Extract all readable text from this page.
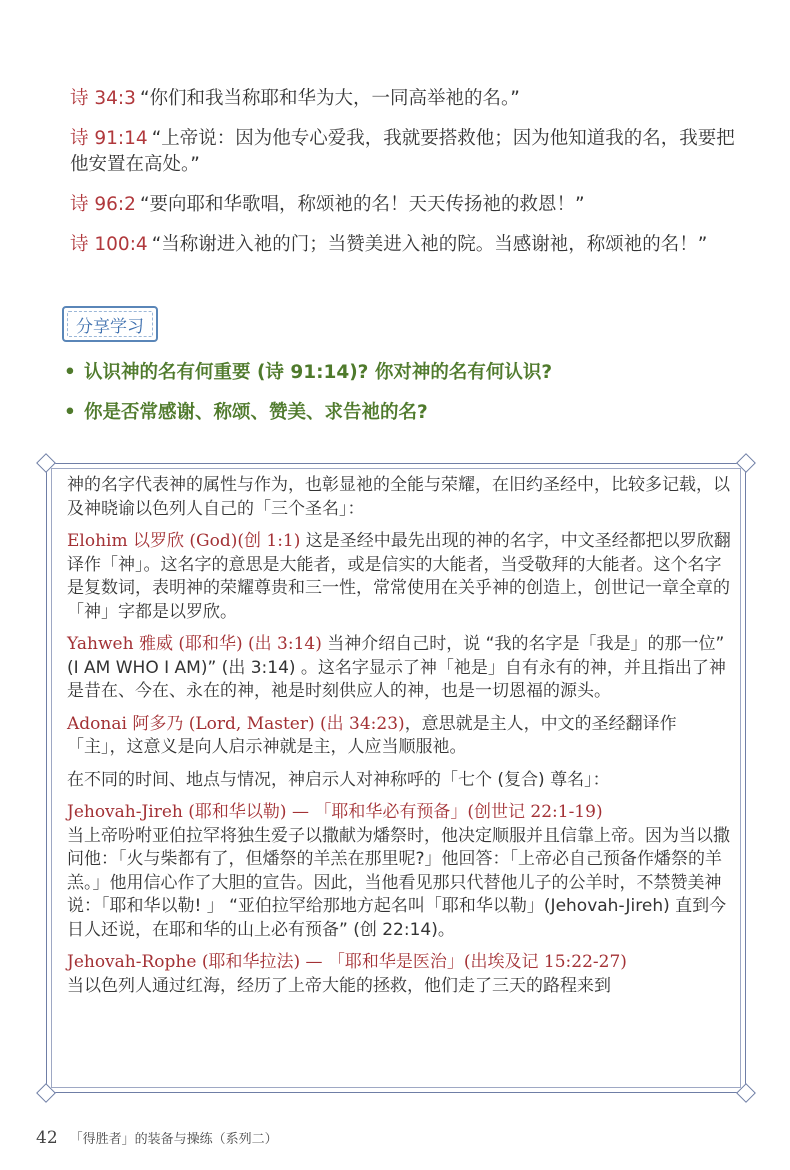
诗 34:3 “你们和我当称耶和华为大，一同高举祂的名。”
诗 91:14 “上帝说：因为他专心爱我，我就要搭救他；因为他知道我的名，我要把他安置在高处。”
诗 96:2 “要向耶和华歌唱，称颂祂的名！天天传扬祂的救恩！”
诗 100:4 “当称谢进入祂的门；当赞美进入祂的院。当感谢祂，称颂祂的名！”
分享学习
• 认识神的名有何重要 (诗 91:14)? 你对神的名有何认识?
• 你是否常感谢、称颂、赞美、求告祂的名?

神的名字代表神的属性与作为，也彰显祂的全能与荣耀，在旧约圣经中，比较多记载，以及神晓谕以色列人自己的「三个圣名」：

Elohim 以罗欣 (God)(创 1:1) 这是圣经中最先出现的神的名字，中文圣经都把以罗欣翻译作「神」。这名字的意思是大能者，或是信实的大能者，当受敬拜的大能者。这个名字是复数词，表明神的荣耀尊贵和三一性，常常使用在关乎神的创造上，创世记一章全章的「神」字都是以罗欣。

Yahweh 雅威 (耶和华) (出 3:14) 当神介绍自己时，说 “我的名字是「我是」的那一位” (I AM WHO I AM)” (出 3:14) 。这名字显示了神「祂是」自有永有的神，并且指出了神是昔在、今在、永在的神，祂是时刻供应人的神，也是一切恩福的源头。

Adonai 阿多乃 (Lord, Master) (出 34:23)，意思就是主人，中文的圣经翻译作「主」，这意义是向人启示神就是主，人应当顺服祂。

在不同的时间、地点与情况，神启示人对神称呼的「七个 (复合) 尊名」：

Jehovah-Jireh (耶和华以勒) — 「耶和华必有预备」(创世记 22:1-19)
当上帝吩咐亚伯拉罕将独生爱子以撒献为燔祭时，他决定顺服并且信靠上帝。因为当以撒问他：「火与柴都有了，但燔祭的羊羔在那里呢?」他回答：「上帝必自己预备作燔祭的羊羔。」他用信心作了大胆的宣告。因此，当他看见那只代替他儿子的公羊时，不禁赞美神说：「耶和华以勒! 」 “亚伯拉罕给那地方起名叫「耶和华以勒」(Jehovah-Jireh) 直到今日人还说，在耶和华的山上必有预备” (创 22:14)。

Jehovah-Rophe (耶和华拉法) — 「耶和华是医治」(出埃及记 15:22-27)
当以色列人通过红海，经历了上帝大能的拯救，他们走了三天的路程来到

42 「得胜者」的装备与操练（系列二）
